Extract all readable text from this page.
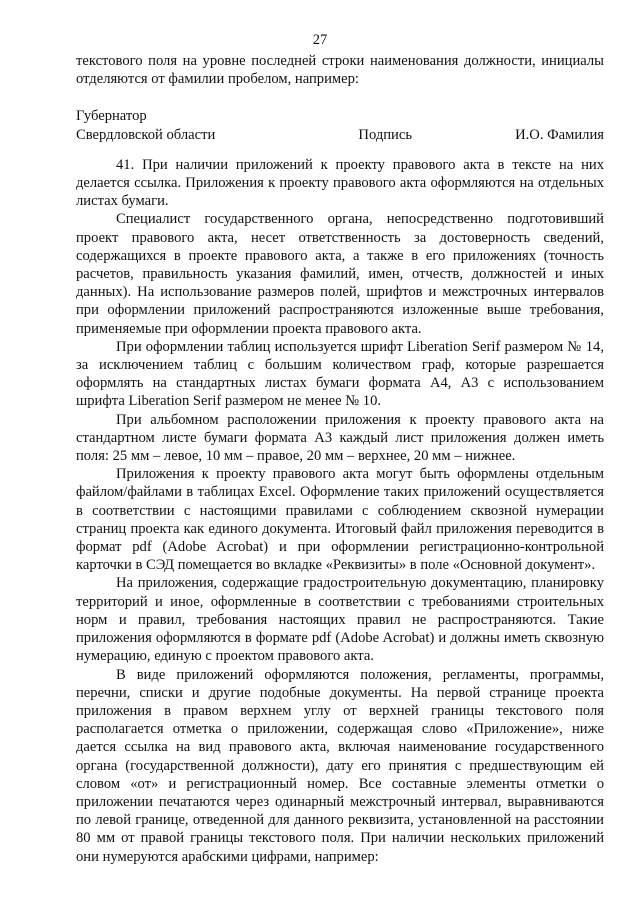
27

текстового поля на уровне последней строки наименования должности, инициалы отделяются от фамилии пробелом, например:

Губернатор
Свердловской области	Подпись	И.О. Фамилия

41. При наличии приложений к проекту правового акта в тексте на них делается ссылка. Приложения к проекту правового акта оформляются на отдельных листах бумаги.

Специалист государственного органа, непосредственно подготовивший проект правового акта, несет ответственность за достоверность сведений, содержащихся в проекте правового акта, а также в его приложениях (точность расчетов, правильность указания фамилий, имен, отчеств, должностей и иных данных). На использование размеров полей, шрифтов и межстрочных интервалов при оформлении приложений распространяются изложенные выше требования, применяемые при оформлении проекта правового акта.

При оформлении таблиц используется шрифт Liberation Serif размером № 14, за исключением таблиц с большим количеством граф, которые разрешается оформлять на стандартных листах бумаги формата А4, А3 с использованием шрифта Liberation Serif размером не менее № 10.

При альбомном расположении приложения к проекту правового акта на стандартном листе бумаги формата А3 каждый лист приложения должен иметь поля: 25 мм – левое, 10 мм – правое, 20 мм – верхнее, 20 мм – нижнее.

Приложения к проекту правового акта могут быть оформлены отдельным файлом/файлами в таблицах Excel. Оформление таких приложений осуществляется в соответствии с настоящими правилами с соблюдением сквозной нумерации страниц проекта как единого документа. Итоговый файл приложения переводится в формат pdf (Adobe Acrobat) и при оформлении регистрационно-контрольной карточки в СЭД помещается во вкладке «Реквизиты» в поле «Основной документ».

На приложения, содержащие градостроительную документацию, планировку территорий и иное, оформленные в соответствии с требованиями строительных норм и правил, требования настоящих правил не распространяются. Такие приложения оформляются в формате pdf (Adobe Acrobat) и должны иметь сквозную нумерацию, единую с проектом правового акта.

В виде приложений оформляются положения, регламенты, программы, перечни, списки и другие подобные документы. На первой странице проекта приложения в правом верхнем углу от верхней границы текстового поля располагается отметка о приложении, содержащая слово «Приложение», ниже дается ссылка на вид правового акта, включая наименование государственного органа (государственной должности), дату его принятия с предшествующим ей словом «от» и регистрационный номер. Все составные элементы отметки о приложении печатаются через одинарный межстрочный интервал, выравниваются по левой границе, отведенной для данного реквизита, установленной на расстоянии 80 мм от правой границы текстового поля. При наличии нескольких приложений они нумеруются арабскими цифрами, например:
